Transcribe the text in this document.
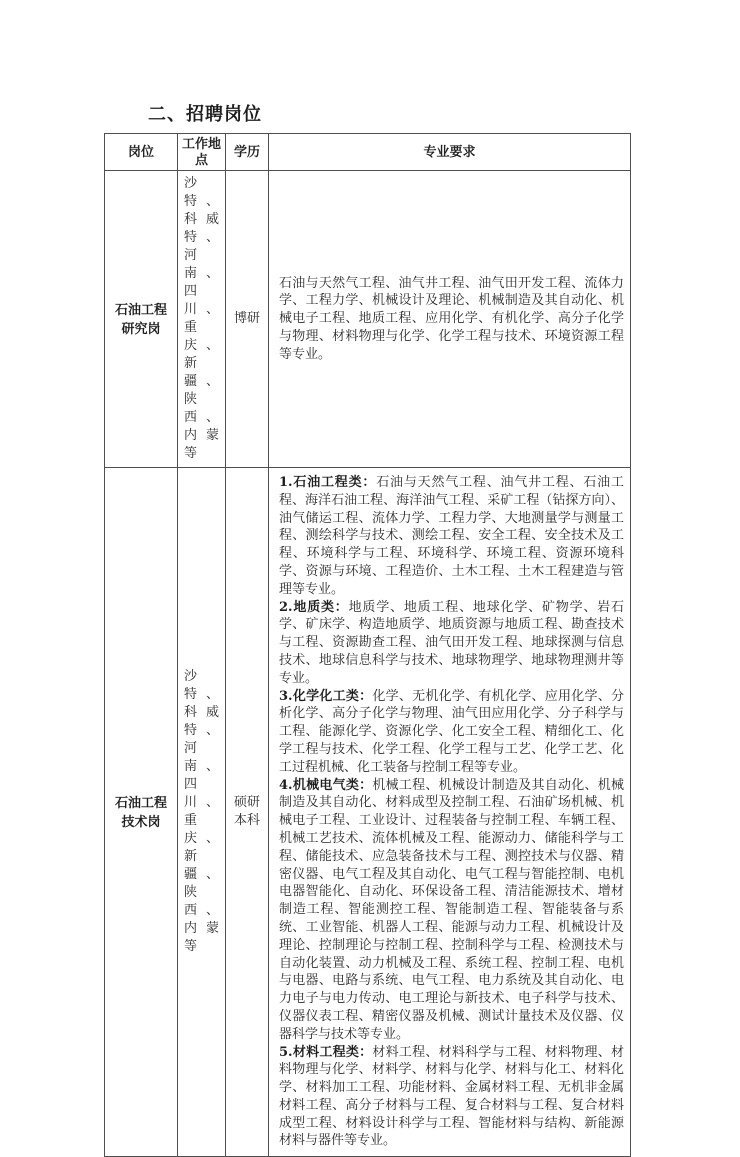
二、招聘岗位
岗位	工作地点	学历	专业要求
石油工程研究岗	沙特、科威特、河南、四川、重庆、新疆、陕西、内蒙等	博研	石油与天然气工程、油气井工程、油气田开发工程、流体力学、工程力学、机械设计及理论、机械制造及其自动化、机械电子工程、地质工程、应用化学、有机化学、高分子化学与物理、材料物理与化学、化学工程与技术、环境资源工程等专业。

石油工程技术岗	沙特、科威特、河南、四川、重庆、新疆、陕西、内蒙等	硕研本科	1.石油工程类：石油与天然气工程、油气井工程、石油工程、海洋石油工程、海洋油气工程、采矿工程（钻探方向）、油气储运工程、流体力学、工程力学、大地测量学与测量工程、测绘科学与技术、测绘工程、安全工程、安全技术及工程、环境科学与工程、环境科学、环境工程、资源环境科学、资源与环境、工程造价、土木工程、土木工程建造与管理等专业。

2.地质类：地质学、地质工程、地球化学、矿物学、岩石学、矿床学、构造地质学、地质资源与地质工程、勘查技术与工程、资源勘查工程、油气田开发工程、地球探测与信息技术、地球信息科学与技术、地球物理学、地球物理测井等专业。

3.化学化工类：化学、无机化学、有机化学、应用化学、分析化学、高分子化学与物理、油气田应用化学、分子科学与工程、能源化学、资源化学、化工安全工程、精细化工、化学工程与技术、化学工程、化学工程与工艺、化学工艺、化工过程机械、化工装备与控制工程等专业。

4.机械电气类：机械工程、机械设计制造及其自动化、机械制造及其自动化、材料成型及控制工程、石油矿场机械、机械电子工程、工业设计、过程装备与控制工程、车辆工程、机械工艺技术、流体机械及工程、能源动力、储能科学与工程、储能技术、应急装备技术与工程、测控技术与仪器、精密仪器、电气工程及其自动化、电气工程与智能控制、电机电器智能化、自动化、环保设备工程、清洁能源技术、增材制造工程、智能测控工程、智能制造工程、智能装备与系统、工业智能、机器人工程、能源与动力工程、机械设计及理论、控制理论与控制工程、控制科学与工程、检测技术与自动化装置、动力机械及工程、系统工程、控制工程、电机与电器、电路与系统、电气工程、电力系统及其自动化、电力电子与电力传动、电工理论与新技术、电子科学与技术、仪器仪表工程、精密仪器及机械、测试计量技术及仪器、仪器科学与技术等专业。

5.材料工程类：材料工程、材料科学与工程、材料物理、材料物理与化学、材料学、材料与化学、材料与化工、材料化学、材料加工工程、功能材料、金属材料工程、无机非金属材料工程、高分子材料与工程、复合材料与工程、复合材料成型工程、材料设计科学与工程、智能材料与结构、新能源材料与器件等专业。
